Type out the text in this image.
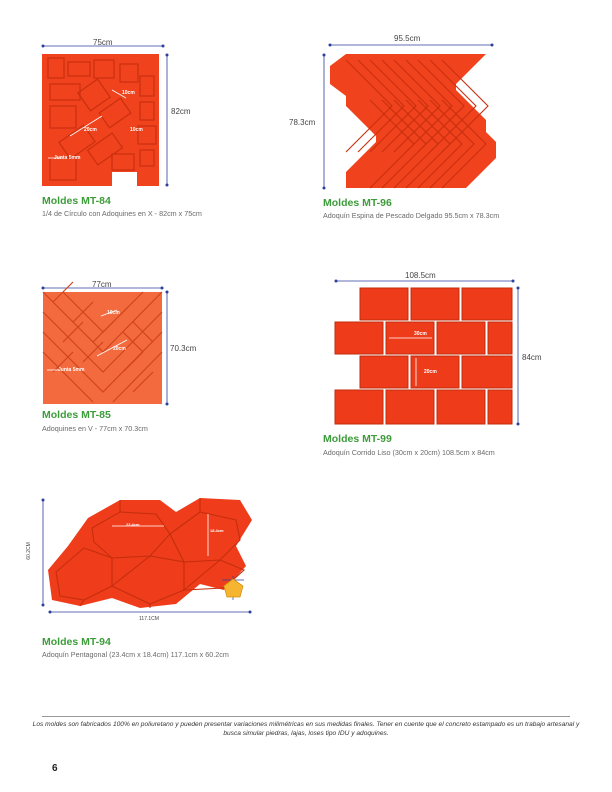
75cm
82cm
10cm
20cm	10cm
Junta 5mm
Moldes MT-84
1/4 de Círculo con Adoquines en X - 82cm x 75cm
95.5cm
78.3cm
Moldes MT-96
Adoquín Espina de Pescado Delgado 95.5cm x 78.3cm
77cm
70.3cm
10cm
20cm
Junta 5mm
Moldes MT-85
Adoquines en V - 77cm x 70.3cm
108.5cm
84cm
30cm
20cm
Moldes MT-99
Adoquín Corrido Liso (30cm x 20cm) 108.5cm x 84cm
60.2CM
117.1CM
23.4cm
18.4cm
Moldes MT-94
Adoquín Pentagonal (23.4cm x 18.4cm) 117.1cm x 60.2cm
Los moldes son fabricados 100% en poliuretano y pueden presentar variaciones milimétricas en sus medidas finales. Tener en cuente que el concreto estampado es un trabajo artesanal y busca simular piedras, lajas, loses tipo IDU y adoquines.
6
